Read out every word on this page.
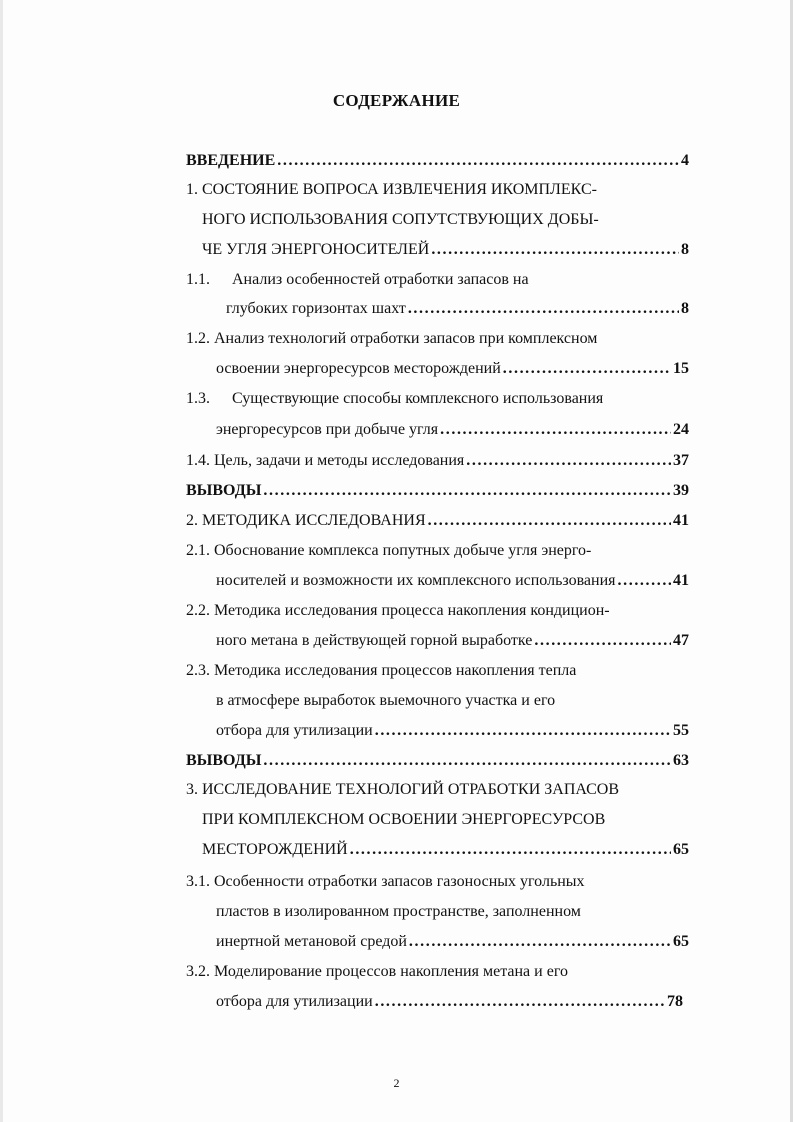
СОДЕРЖАНИЕ
ВВЕДЕНИЕ .....	4
1. СОСТОЯНИЕ ВОПРОСА ИЗВЛЕЧЕНИЯ ИКОМПЛЕКС-
НОГО ИСПОЛЬЗОВАНИЯ СОПУТСТВУЮЩИХ ДОБЫ-
ЧЕ УГЛЯ ЭНЕРГОНОСИТЕЛЕЙ .....	8
1.1. Анализ особенностей отработки запасов на
глубоких горизонтах шахт .....	8
1.2. Анализ технологий отработки запасов при комплексном
освоении энергоресурсов месторождений .....	15
1.3. Существующие способы комплексного использования
энергоресурсов при добыче угля .....	24
1.4. Цель, задачи и методы исследования .....	37
ВЫВОДЫ .....	39
2. МЕТОДИКА ИССЛЕДОВАНИЯ .....	41
2.1. Обоснование комплекса попутных добыче угля энерго-
носителей и возможности их комплексного использования .....	41
2.2. Методика исследования процесса накопления кондицион-
ного метана в действующей горной выработке .....	47
2.3. Методика исследования процессов накопления тепла
в атмосфере выработок выемочного участка и его
отбора для утилизации .....	55
ВЫВОДЫ .....	63
3. ИССЛЕДОВАНИЕ ТЕХНОЛОГИЙ ОТРАБОТКИ ЗАПАСОВ
ПРИ КОМПЛЕКСНОМ ОСВОЕНИИ ЭНЕРГОРЕСУРСОВ
МЕСТОРОЖДЕНИЙ .....	65
3.1. Особенности отработки запасов газоносных угольных
пластов в изолированном пространстве, заполненном
инертной метановой средой .....	65
3.2. Моделирование процессов накопления метана и его
отбора для утилизации .....	78
2
